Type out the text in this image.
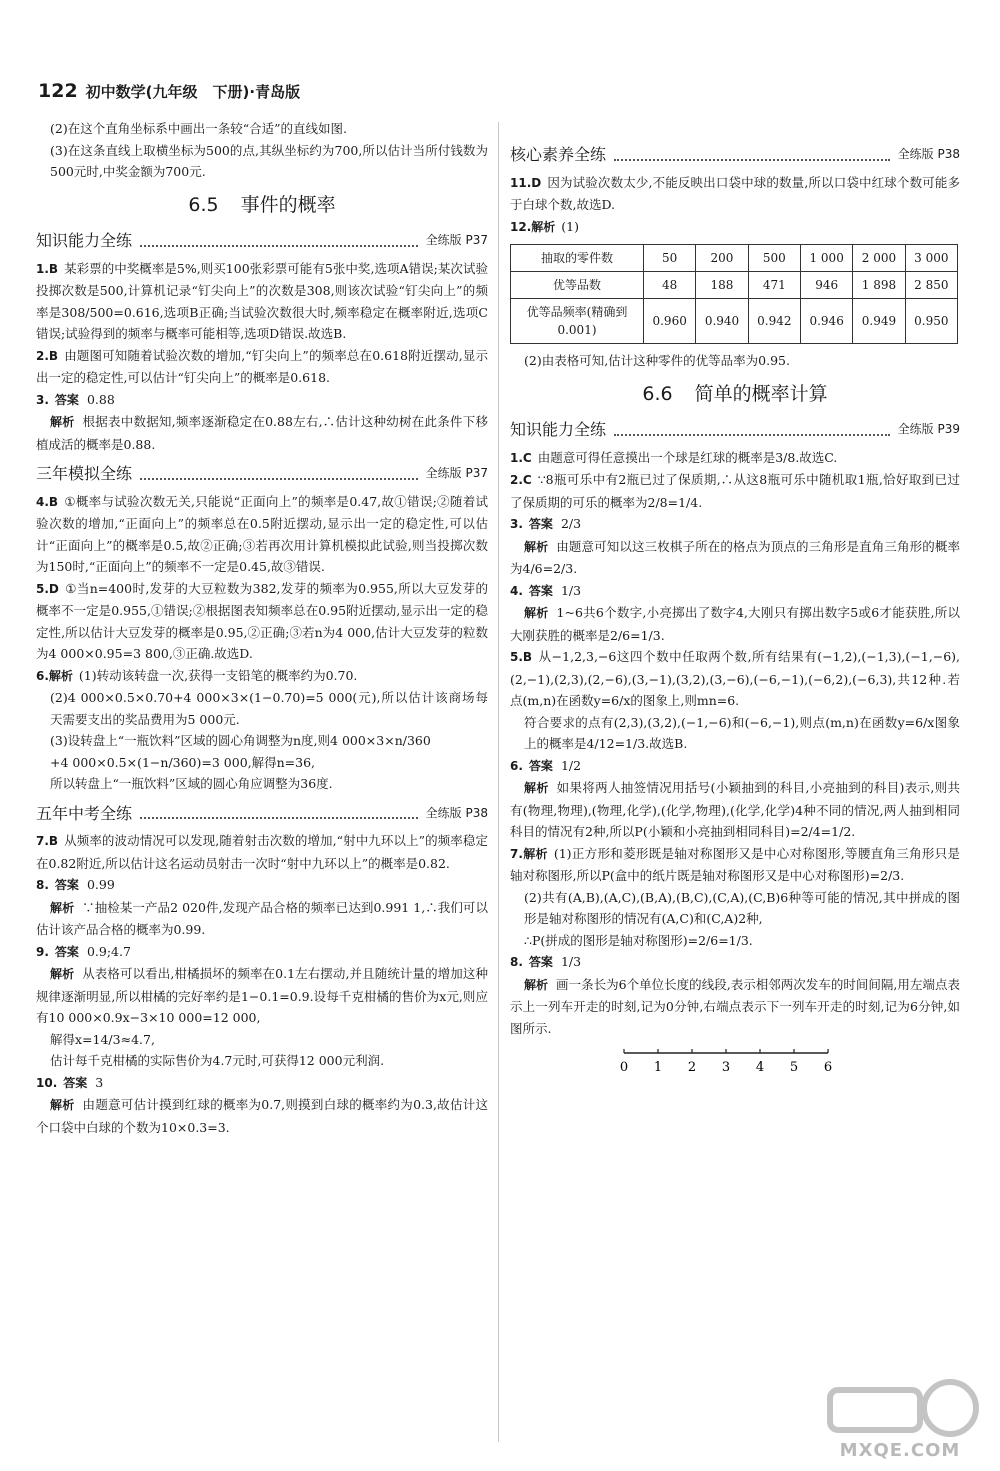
122 初中数学(九年级　下册)·青岛版

(2)在这个直角坐标系中画出一条较“合适”的直线如图.

(3)在这条直线上取横坐标为500的点,其纵坐标约为700,所以估计当所付钱数为500元时,中奖金额为700元.

6.5 事件的概率
知识能力全练	全练版 P37

1.B 某彩票的中奖概率是5%,则买100张彩票可能有5张中奖,选项A错误;某次试验投掷次数是500,计算机记录“钉尖向上”的次数是308,则该次试验“钉尖向上”的频率是308/500=0.616,选项B正确;当试验次数很大时,频率稳定在概率附近,选项C错误;试验得到的频率与概率可能相等,选项D错误.故选B.

2.B 由题图可知随着试验次数的增加,“钉尖向上”的频率总在0.618附近摆动,显示出一定的稳定性,可以估计“钉尖向上”的概率是0.618.

3. 答案 0.88

解析 根据表中数据知,频率逐渐稳定在0.88左右,∴估计这种幼树在此条件下移植成活的概率是0.88.

三年模拟全练	全练版 P37

4.B ①概率与试验次数无关,只能说“正面向上”的频率是0.47,故①错误;②随着试验次数的增加,“正面向上”的频率总在0.5附近摆动,显示出一定的稳定性,可以估计“正面向上”的概率是0.5,故②正确;③若再次用计算机模拟此试验,则当投掷次数为150时,“正面向上”的频率不一定是0.45,故③错误.

5.D ①当n=400时,发芽的大豆粒数为382,发芽的频率为0.955,所以大豆发芽的概率不一定是0.955,①错误;②根据图表知频率总在0.95附近摆动,显示出一定的稳定性,所以估计大豆发芽的概率是0.95,②正确;③若n为4 000,估计大豆发芽的粒数为4 000×0.95=3 800,③正确.故选D.

6.解析 (1)转动该转盘一次,获得一支铅笔的概率约为0.70.

(2)4 000×0.5×0.70+4 000×3×(1−0.70)=5 000(元),所以估计该商场每天需要支出的奖品费用为5 000元.

(3)设转盘上“一瓶饮料”区域的圆心角调整为n度,则4 000×3×n/360

+4 000×0.5×(1−n/360)=3 000,解得n=36,

所以转盘上“一瓶饮料”区域的圆心角应调整为36度.

五年中考全练	全练版 P38

7.B 从频率的波动情况可以发现,随着射击次数的增加,“射中九环以上”的频率稳定在0.82附近,所以估计这名运动员射击一次时“射中九环以上”的概率是0.82.

8. 答案 0.99

解析 ∵抽检某一产品2 020件,发现产品合格的频率已达到0.991 1,∴我们可以估计该产品合格的概率为0.99.

9. 答案 0.9;4.7

解析 从表格可以看出,柑橘损坏的频率在0.1左右摆动,并且随统计量的增加这种规律逐渐明显,所以柑橘的完好率约是1−0.1=0.9.设每千克柑橘的售价为x元,则应有10 000×0.9x−3×10 000=12 000,

解得x=14/3≈4.7,

估计每千克柑橘的实际售价为4.7元时,可获得12 000元利润.

10. 答案 3

解析 由题意可估计摸到红球的概率为0.7,则摸到白球的概率约为0.3,故估计这个口袋中白球的个数为10×0.3=3.

核心素养全练	全练版 P38

11.D 因为试验次数太少,不能反映出口袋中球的数量,所以口袋中红球个数可能多于白球个数,故选D.

12.解析 (1)

抽取的零件数	50	200	500	1 000	2 000	3 000
优等品数	48	188	471	946	1 898	2 850
优等品频率(精确到0.001)	0.960	0.940	0.942	0.946	0.949	0.950

(2)由表格可知,估计这种零件的优等品率为0.95.

6.6 简单的概率计算
知识能力全练	全练版 P39

1.C 由题意可得任意摸出一个球是红球的概率是3/8.故选C.

2.C ∵8瓶可乐中有2瓶已过了保质期,∴从这8瓶可乐中随机取1瓶,恰好取到已过了保质期的可乐的概率为2/8=1/4.

3. 答案 2/3

解析 由题意可知以这三枚棋子所在的格点为顶点的三角形是直角三角形的概率为4/6=2/3.

4. 答案 1/3

解析 1~6共6个数字,小亮掷出了数字4,大刚只有掷出数字5或6才能获胜,所以大刚获胜的概率是2/6=1/3.

5.B 从−1,2,3,−6这四个数中任取两个数,所有结果有(−1,2),(−1,3),(−1,−6),(2,−1),(2,3),(2,−6),(3,−1),(3,2),(3,−6),(−6,−1),(−6,2),(−6,3),共12种.若点(m,n)在函数y=6/x的图象上,则mn=6.

符合要求的点有(2,3),(3,2),(−1,−6)和(−6,−1),则点(m,n)在函数y=6/x图象上的概率是4/12=1/3.故选B.

6. 答案 1/2

解析 如果将两人抽签情况用括号(小颖抽到的科目,小亮抽到的科目)表示,则共有(物理,物理),(物理,化学),(化学,物理),(化学,化学)4种不同的情况,两人抽到相同科目的情况有2种,所以P(小颖和小亮抽到相同科目)=2/4=1/2.

7.解析 (1)正方形和菱形既是轴对称图形又是中心对称图形,等腰直角三角形只是轴对称图形,所以P(盒中的纸片既是轴对称图形又是中心对称图形)=2/3.

(2)共有(A,B),(A,C),(B,A),(B,C),(C,A),(C,B)6种等可能的情况,其中拼成的图形是轴对称图形的情况有(A,C)和(C,A)2种,

∴P(拼成的图形是轴对称图形)=2/6=1/3.

8. 答案 1/3

解析 画一条长为6个单位长度的线段,表示相邻两次发车的时间间隔,用左端点表示上一列车开走的时刻,记为0分钟,右端点表示下一列车开走的时刻,记为6分钟,如图所示.

0 1 2 3 4 5 6
MXQE.COM
